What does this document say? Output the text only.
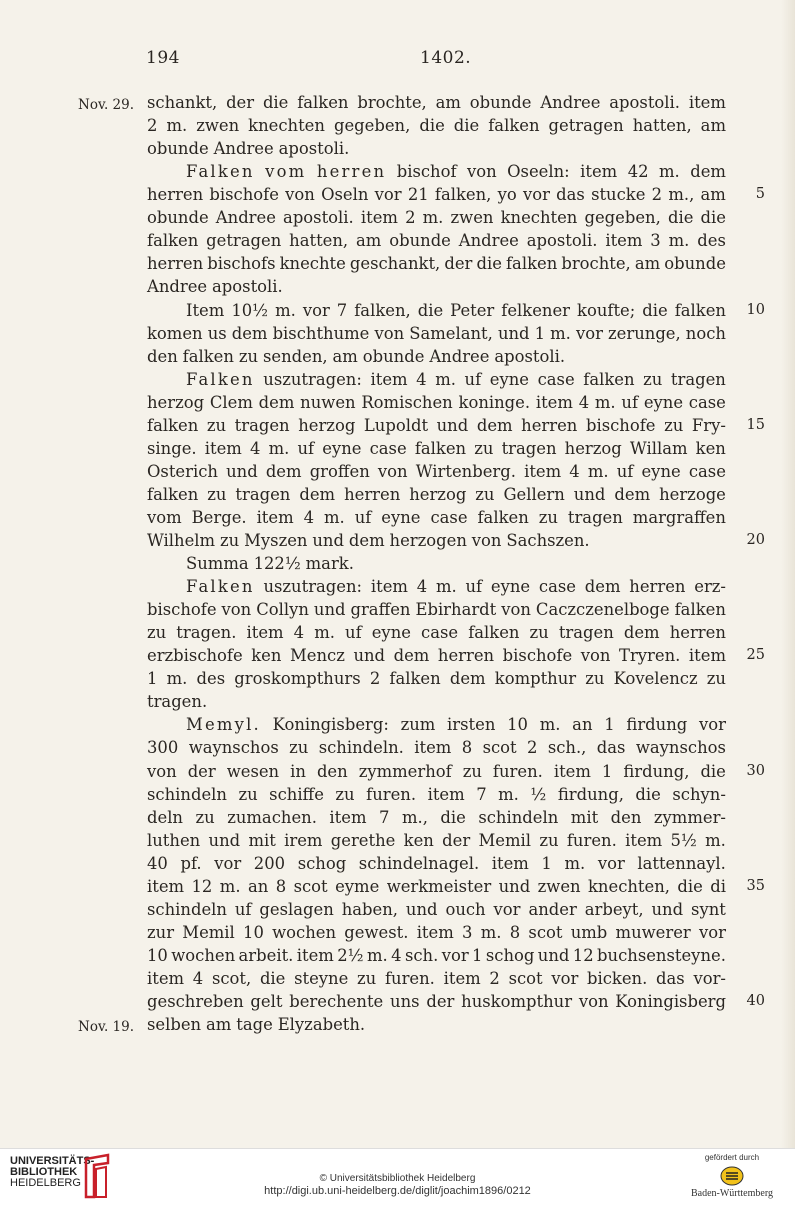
194	1402.
schankt, der die falken brochte, am obunde Andree apostoli. item
2 m. zwen knechten gegeben, die die falken getragen hatten, am
obunde Andree apostoli.
Falken vom herren bischof von Oseeln: item 42 m. dem
herren bischofe von Oseln vor 21 falken, yo vor das stucke 2 m., am
obunde Andree apostoli. item 2 m. zwen knechten gegeben, die die
falken getragen hatten, am obunde Andree apostoli. item 3 m. des
herren bischofs knechte geschankt, der die falken brochte, am obunde
Andree apostoli.
Item 10½ m. vor 7 falken, die Peter felkener koufte; die falken
komen us dem bischthume von Samelant, und 1 m. vor zerunge, noch
den falken zu senden, am obunde Andree apostoli.
Falken uszutragen: item 4 m. uf eyne case falken zu tragen
herzog Clem dem nuwen Romischen koninge. item 4 m. uf eyne case
falken zu tragen herzog Lupoldt und dem herren bischofe zu Fry-
singe. item 4 m. uf eyne case falken zu tragen herzog Willam ken
Osterich und dem groffen von Wirtenberg. item 4 m. uf eyne case
falken zu tragen dem herren herzog zu Gellern und dem herzoge
vom Berge. item 4 m. uf eyne case falken zu tragen margraffen
Wilhelm zu Myszen und dem herzogen von Sachszen.
Summa 122½ mark.
Falken uszutragen: item 4 m. uf eyne case dem herren erz-
bischofe von Collyn und graffen Ebirhardt von Caczczenelboge falken
zu tragen. item 4 m. uf eyne case falken zu tragen dem herren
erzbischofe ken Mencz und dem herren bischofe von Tryren. item
1 m. des groskompthurs 2 falken dem kompthur zu Kovelencz zu
tragen.
Memyl. Koningisberg: zum irsten 10 m. an 1 firdung vor
300 waynschos zu schindeln. item 8 scot 2 sch., das waynschos
von der wesen in den zymmerhof zu furen. item 1 firdung, die
schindeln zu schiffe zu furen. item 7 m. ½ firdung, die schyn-
deln zu zumachen. item 7 m., die schindeln mit den zymmer-
luthen und mit irem gerethe ken der Memil zu furen. item 5½ m.
40 pf. vor 200 schog schindelnagel. item 1 m. vor lattennayl.
item 12 m. an 8 scot eyme werkmeister und zwen knechten, die di
schindeln uf geslagen haben, und ouch vor ander arbeyt, und synt
zur Memil 10 wochen gewest. item 3 m. 8 scot umb muwerer vor
10 wochen arbeit. item 2½ m. 4 sch. vor 1 schog und 12 buchsensteyne.
item 4 scot, die steyne zu furen. item 2 scot vor bicken. das vor-
geschreben gelt berechente uns der huskompthur von Koningisberg
selben am tage Elyzabeth.
Nov. 29.
Nov. 19.
5
10
15
20
25
30
35
40
UNIVERSITÄTS-
BIBLIOTHEK
HEIDELBERG	© Universitätsbibliothek Heidelberg
http://digi.ub.uni-heidelberg.de/diglit/joachim1896/0212
gefördert durch
Baden-Württemberg
